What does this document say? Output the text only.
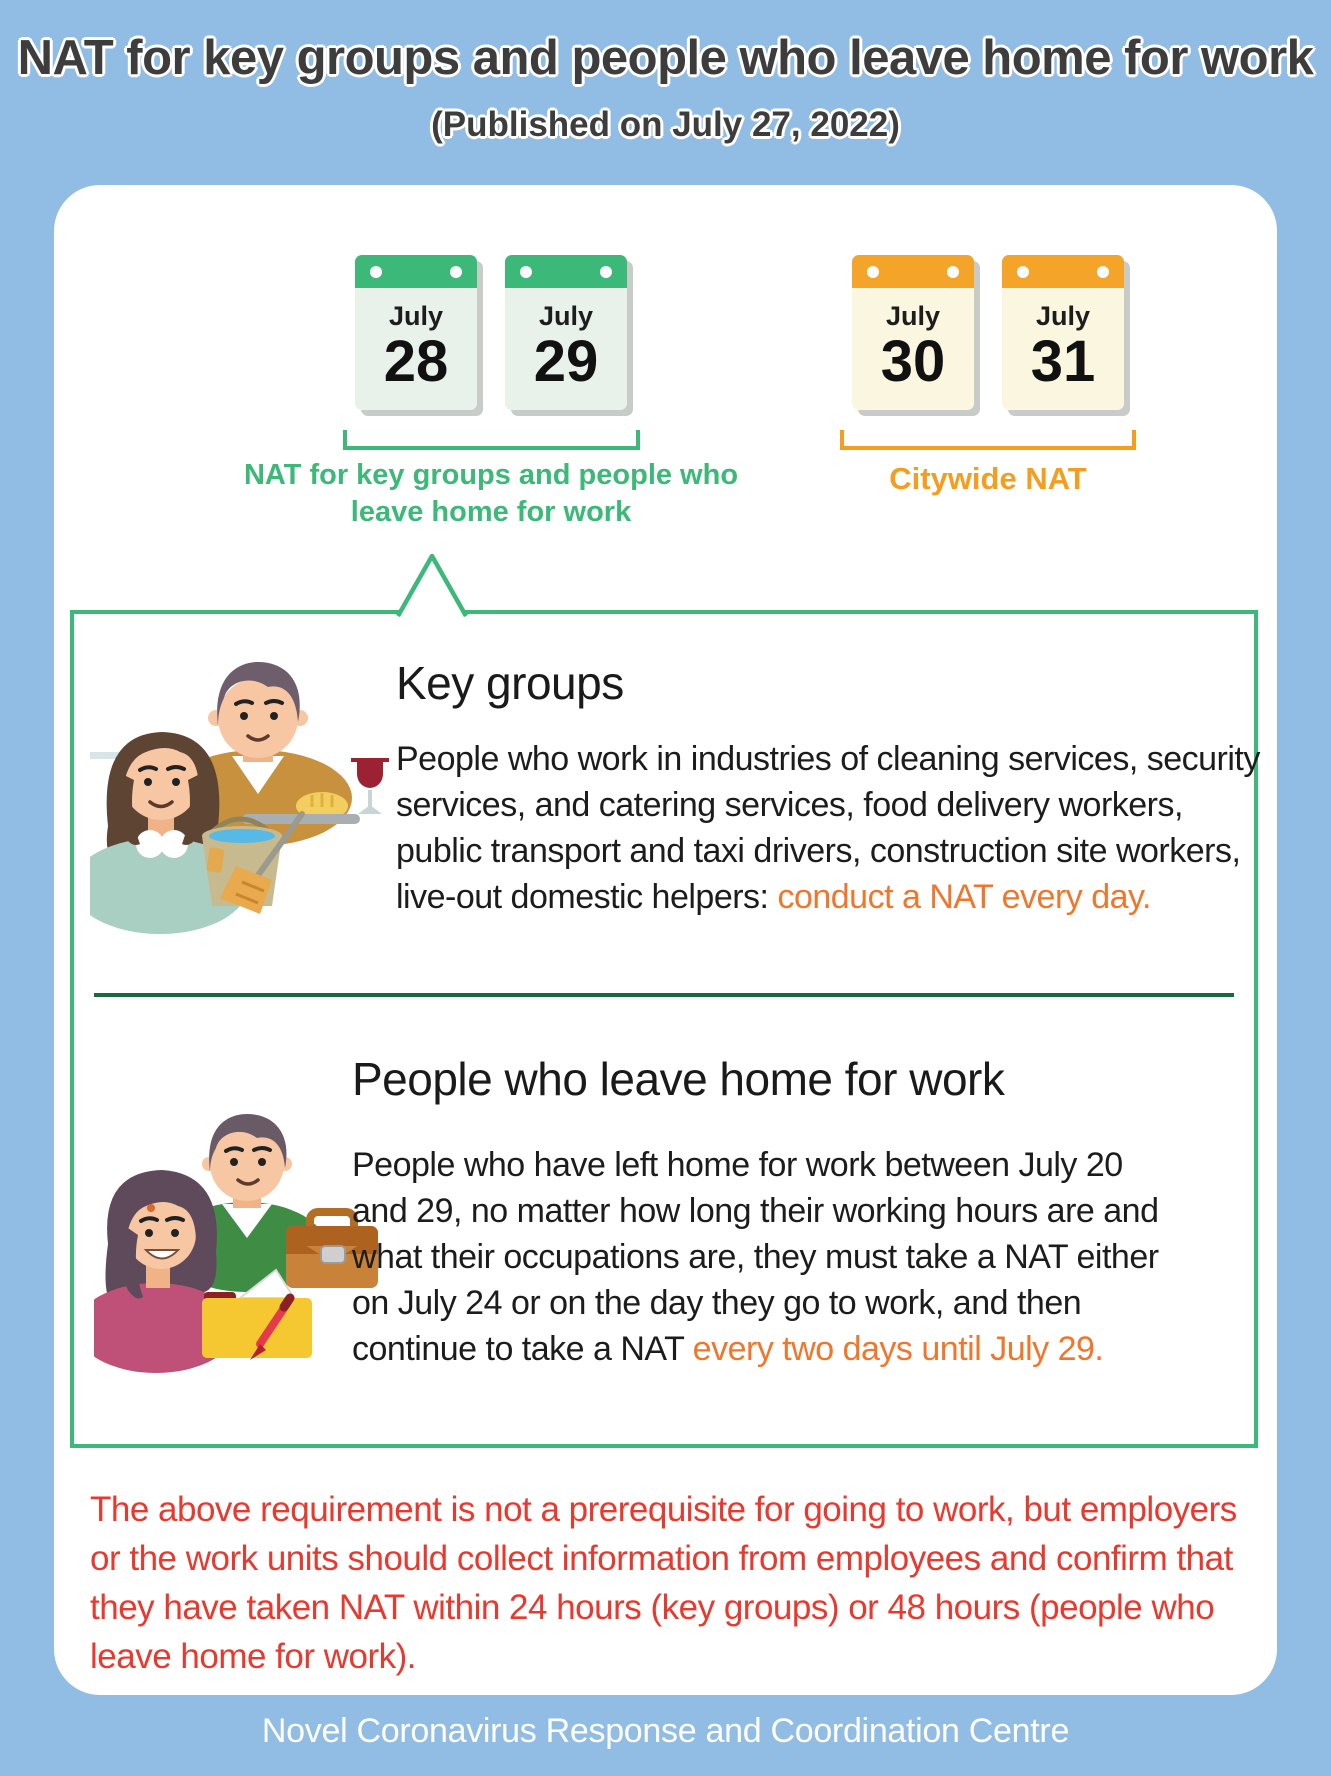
NAT for key groups and people who leave home for work
(Published on July 27, 2022)
July
28
July
29
July
30
July
31
NAT for key groups and people who leave home for work
Citywide NAT
Key groups
People who work in industries of cleaning services, security services, and catering services, food delivery workers, public transport and taxi drivers, construction site workers, live-out domestic helpers: conduct a NAT every day.
People who leave home for work
People who have left home for work between July 20 and 29, no matter how long their working hours are and what their occupations are, they must take a NAT either on July 24 or on the day they go to work, and then continue to take a NAT every two days until July 29.
The above requirement is not a prerequisite for going to work, but employers or the work units should collect information from employees and confirm that they have taken NAT within 24 hours (key groups) or 48 hours (people who leave home for work).
Novel Coronavirus Response and Coordination Centre
